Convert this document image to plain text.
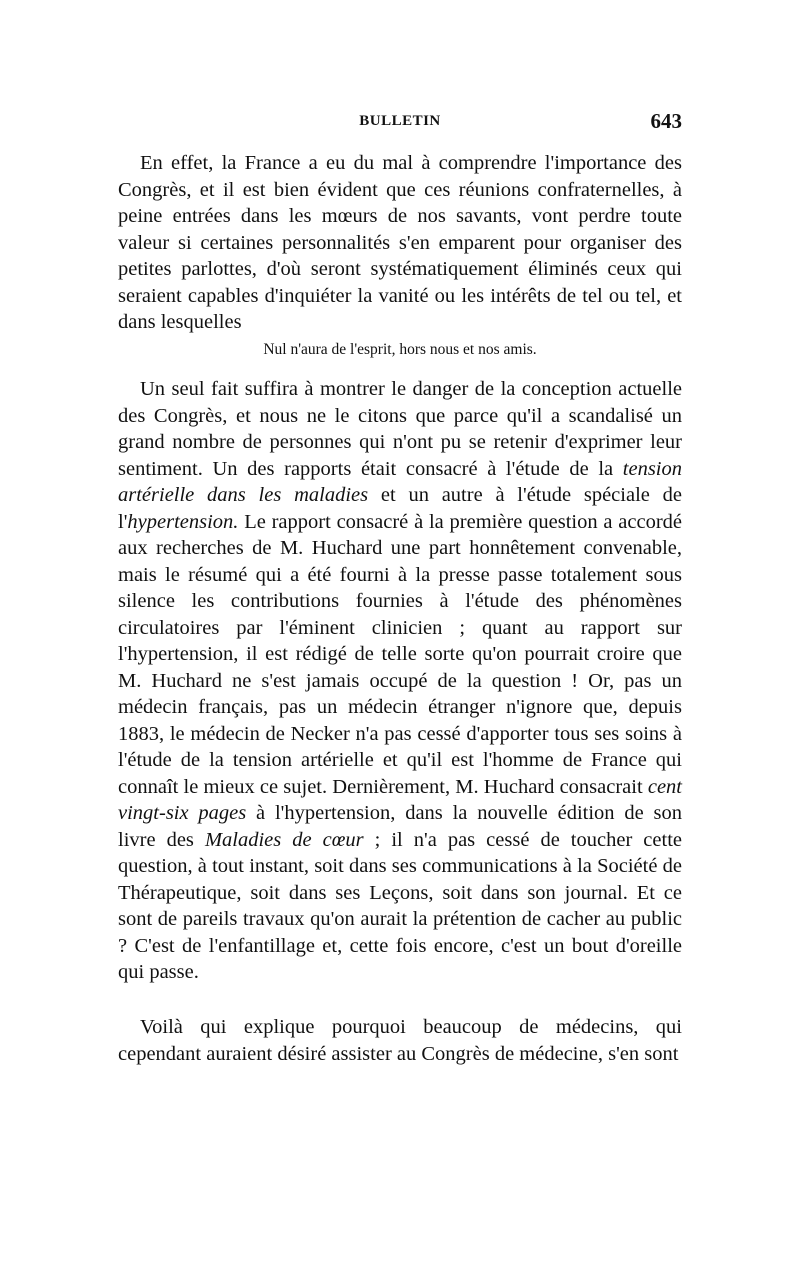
BULLETIN	643

En effet, la France a eu du mal à comprendre l'importance des Congrès, et il est bien évident que ces réunions confraternelles, à peine entrées dans les mœurs de nos savants, vont perdre toute valeur si certaines personnalités s'en emparent pour organiser des petites parlottes, d'où seront systématiquement éliminés ceux qui seraient capables d'inquiéter la vanité ou les intérêts de tel ou tel, et dans lesquelles

Nul n'aura de l'esprit, hors nous et nos amis.

Un seul fait suffira à montrer le danger de la conception actuelle des Congrès, et nous ne le citons que parce qu'il a scandalisé un grand nombre de personnes qui n'ont pu se retenir d'exprimer leur sentiment. Un des rapports était consacré à l'étude de la tension artérielle dans les maladies et un autre à l'étude spéciale de l'hypertension. Le rapport consacré à la première question a accordé aux recherches de M. Huchard une part honnêtement convenable, mais le résumé qui a été fourni à la presse passe totalement sous silence les contributions fournies à l'étude des phénomènes circulatoires par l'éminent clinicien ; quant au rapport sur l'hypertension, il est rédigé de telle sorte qu'on pourrait croire que M. Huchard ne s'est jamais occupé de la question ! Or, pas un médecin français, pas un médecin étranger n'ignore que, depuis 1883, le médecin de Necker n'a pas cessé d'apporter tous ses soins à l'étude de la tension artérielle et qu'il est l'homme de France qui connaît le mieux ce sujet. Dernièrement, M. Huchard consacrait cent vingt-six pages à l'hypertension, dans la nouvelle édition de son livre des Maladies de cœur ; il n'a pas cessé de toucher cette question, à tout instant, soit dans ses communications à la Société de Thérapeutique, soit dans ses Leçons, soit dans son journal. Et ce sont de pareils travaux qu'on aurait la prétention de cacher au public ? C'est de l'enfantillage et, cette fois encore, c'est un bout d'oreille qui passe.

Voilà qui explique pourquoi beaucoup de médecins, qui cependant auraient désiré assister au Congrès de médecine, s'en sont
